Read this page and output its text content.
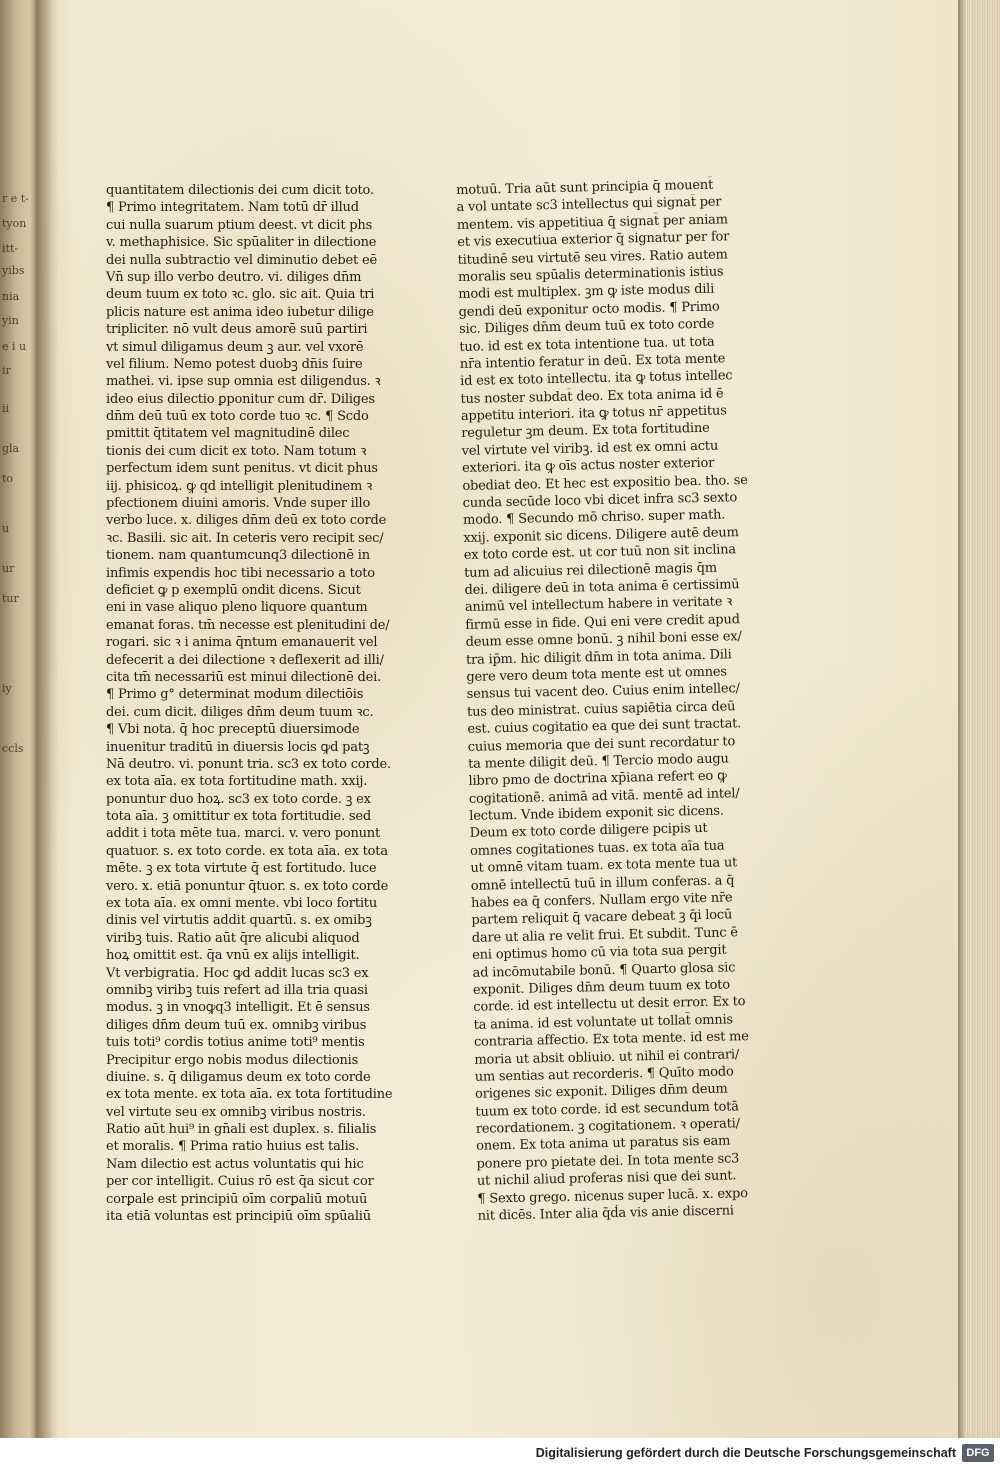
r e t-
tyon
itt-
yibs
nia
yin
e i u
ir
ii
gla
to
u
ur
tur
iy
ccls
quantitatem dilectionis dei cum dicit toto.
¶ Primo integritatem. Nam totū dr̄ illud
cui nulla suarum ptium deest. vt dicit phs
v. methaphisice. Sic spūaliter in dilectione
dei nulla subtractio vel diminutio debet eē
Vn̄ sup illo verbo deutro. vi. diliges dn̄m
deum tuum ex toto ꝛc. glo. sic ait. Quia tri
plicis nature est anima ideo iubetur dilige
tripliciter. nō vult deus amorē suū partiri
vt simul diligamus deum ꝫ aur. vel vxorē
vel filium. Nemo potest duobꝫ dn̄is ſuire
mathei. vi. ipse sup omnia est diligendus. ꝛ
ideo eius dilectio ꝑponitur cum dr̄. Diliges
dn̄m deū tuū ex toto corde tuo ꝛc. ¶ Scdo
pmittit q̄titatem vel magnitudinē dilec
tionis dei cum dicit ex toto. Nam totum ꝛ
perfectum idem sunt penitus. vt dicit phus
iij. phisicoꝝ. ꝙ qd intelligit plenitudinem ꝛ
pfectionem diuini amoris. Vnde super illo
verbo luce. x. diliges dn̄m deū ex toto corde
ꝛc. Basili. sic ait. In ceteris vero recipit sec/
tionem. nam quantumcunq3 dilectionē in
infimis expendis hoc tibi necessario a toto
deficiet ꝙ p exemplū ondit dicens. Sicut
eni in vase aliquo pleno liquore quantum
emanat foras. tm̄ necesse est plenitudini de/
rogari. sic ꝛ i anima q̄ntum emanauerit vel
defecerit a dei dilectione ꝛ deflexerit ad illi/
cita tm̄ necessariū est minui dilectionē dei.
¶ Primo g° determinat modum dilectiōis
dei. cum dicit. diliges dn̄m deum tuum ꝛc.
¶ Vbi nota. q̄ hoc preceptū diuersimode
inuenitur traditū in diuersis locis ꝙd patꝫ
Nā deutro. vi. ponunt̄ tria. sc3 ex toto corde.
ex tota aīa. ex tota fortitudine math. xxij.
ponuntur duo hoꝝ. sc3 ex toto corde. ꝫ ex
tota aīa. ꝫ omittitur ex tota fortitudie. sed
addit̄ i tota mēte tua. marci. v. vero ponunt̄
quatuor. s. ex toto corde. ex tota aīa. ex tota
mēte. ꝫ ex tota virtute q̄ est fortitudo. luce
vero. x. etiā ponuntur q̄tuor. s. ex toto corde
ex tota aīa. ex omni mente. vbi loco fortitu
dinis vel virtutis addit quartū. s. ex omibꝫ
viribꝫ tuis. Ratio aūt q̄re alicubi aliquod
hoꝝ omittit est. q̄a vnū ex alijs intelligit̄.
Vt verbigratia. Hoc ꝙd addit lucas sc3 ex
omnibꝫ viribꝫ tuis refert̄ ad illa tria quasi
modus. ꝫ in vnoꝙq3 intelligit̄. Et ē sensus
diliges dn̄m deum tuū ex. omnibꝫ viribus
tuis toti⁹ cordis totius anime toti⁹ mentis
Precipitur ergo nobis modus dilectionis
diuine. s. q̄ diligamus deum ex toto corde
ex tota mente. ex tota aīa. ex tota fortitudine
vel virtute seu ex omnibꝫ viribus nostris.
Ratio aūt hui⁹ in gn̄ali est duplex. s. filialis
et moralis. ¶ Prima ratio huius est talis.
Nam dilectio est actus voluntatis qui hic
per cor intelligit̄. Cuius rō est q̄a sicut cor
corꝑale est principiū oīm corꝑaliū motuū
ita etiā voluntas est principiū oīm spūaliū
motuū. Tria aūt sunt principia q̄ mouent̄
a vol untate sc3 intellectus qui signat̄ per
mentem. vis appetitiua q̄ signat̄ per aniam
et vis executiua exterior q̄ signatur per for
titudinē seu virtutē seu vires. Ratio autem
moralis seu spūalis determinationis istius
modi est multiplex. ꝫm ꝙ iste modus dili
gendi deū exponitur octo modis. ¶ Primo
sic. Diliges dn̄m deum tuū ex toto corde
tuo. id est ex tota intentione tua. ut tota
nr̄a intentio feratur in deū. Ex tota mente
id est ex toto intellectu. ita ꝙ totus intellec
tus noster subdat̄ deo. Ex tota anima id ē
appetitu interiori. ita ꝙ totus nr̄ appetitus
reguletur ꝫm deum. Ex tota fortitudine
vel virtute vel viribꝫ. id est ex omni actu
exteriori. ita ꝙ oīs actus noster exterior
obediat deo. Et hec est expositio bea. tho. se
cunda secūde loco vbi dicet infra sc3 sexto
modo. ¶ Secundo mō chriso. super math.
xxij. exponit sic dicens. Diligere autē deum
ex toto corde est. ut cor tuū non sit inclina
tum ad alicuius rei dilectionē magis q̄m
dei. diligere deū in tota anima ē certissimū
animū vel intellectum habere in veritate ꝛ
firmū esse in fide. Qui eni vere credit apud
deum esse omne bonū. ꝫ nihil boni esse ex/
tra ip̄m. hic diligit dn̄m in tota anima. Dili
gere vero deum tota mente est ut omnes
sensus tui vacent deo. Cuius enim intellec/
tus deo ministrat. cuius sapiētia circa deū
est. cuius cogitatio ea que dei sunt tractat.
cuius memoria que dei sunt recordatur to
ta mente diligit deū. ¶ Tercio modo augu
libro pmo de doctrina xp̄iana refert eo ꝙ
cogitationē. animā ad vitā. mentē ad intel/
lectum. Vnde ibidem exponit sic dicens.
Deum ex toto corde diligere pcipis ut
omnes cogitationes tuas. ex tota aīa tua
ut omnē vitam tuam. ex tota mente tua ut
omnē intellectū tuū in illum conferas. a q̄
habes ea q̄ confers. Nullam ergo vite nr̄e
partem reliquit q̄ vacare debeat ꝫ q̄i locū
dare ut alia re velit frui. Et subdit. Tunc ē
eni optimus homo cū via tota sua pergit
ad incōmutabile bonū. ¶ Quarto glosa sic
exponit. Diliges dn̄m deum tuum ex toto
corde. id est intellectu ut desit error. Ex to
ta anima. id est voluntate ut tollat̄ omnis
contraria affectio. Ex tota mente. id est me
moria ut absit obliuio. ut nihil ei contrari/
um sentias aut recorderis. ¶ Quīto modo
origenes sic exponit. Diliges dn̄m deum
tuum ex toto corde. id est secundum totā
recordationem. ꝫ cogitationem. ꝛ operati/
onem. Ex tota anima ut paratus sis eam
ponere pro pietate dei. In tota mente sc3
ut nichil aliud proferas nisi que dei sunt.
¶ Sexto grego. nicenus super lucā. x. expo
nit dicēs. Inter alia q̄ḋa vis anie discerni
Digitalisierung gefördert durch die Deutsche Forschungsgemeinschaft DFG
